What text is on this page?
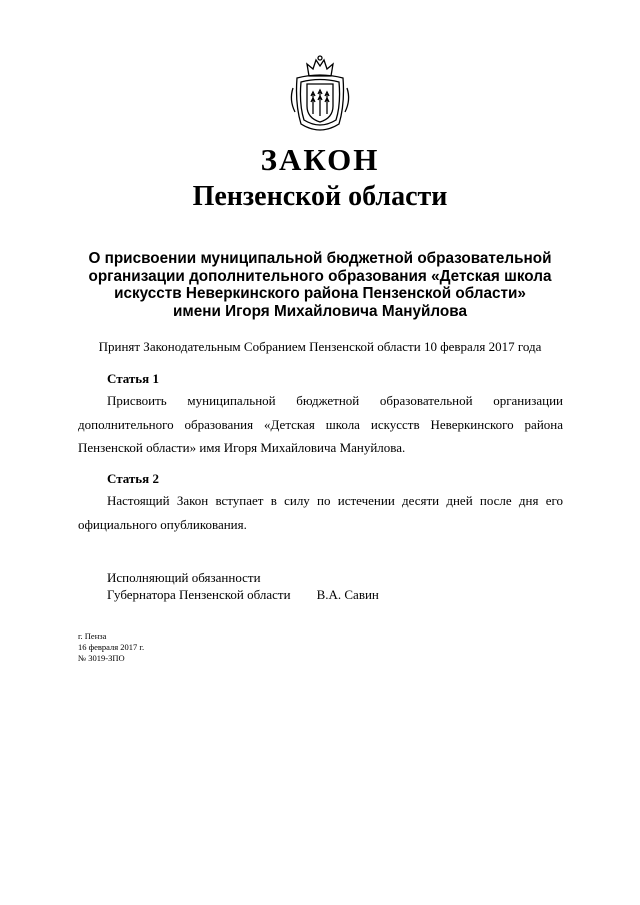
ЗАКОН
Пензенской области
О присвоении муниципальной бюджетной образовательной
организации дополнительного образования «Детская школа
искусств Неверкинского района Пензенской области»
имени Игоря Михайловича Мануйлова
Принят Законодательным Собранием Пензенской области 10 февраля 2017 года
Статья 1
Присвоить муниципальной бюджетной образовательной организации дополнительного образования «Детская школа искусств Неверкинского района Пензенской области» имя Игоря Михайловича Мануйлова.
Статья 2
Настоящий Закон вступает в силу по истечении десяти дней после дня его официального опубликования.
Исполняющий обязанности
Губернатора Пензенской области В.А. Савин
г. Пенза
16 февраля 2017 г.
№ 3019-ЗПО
